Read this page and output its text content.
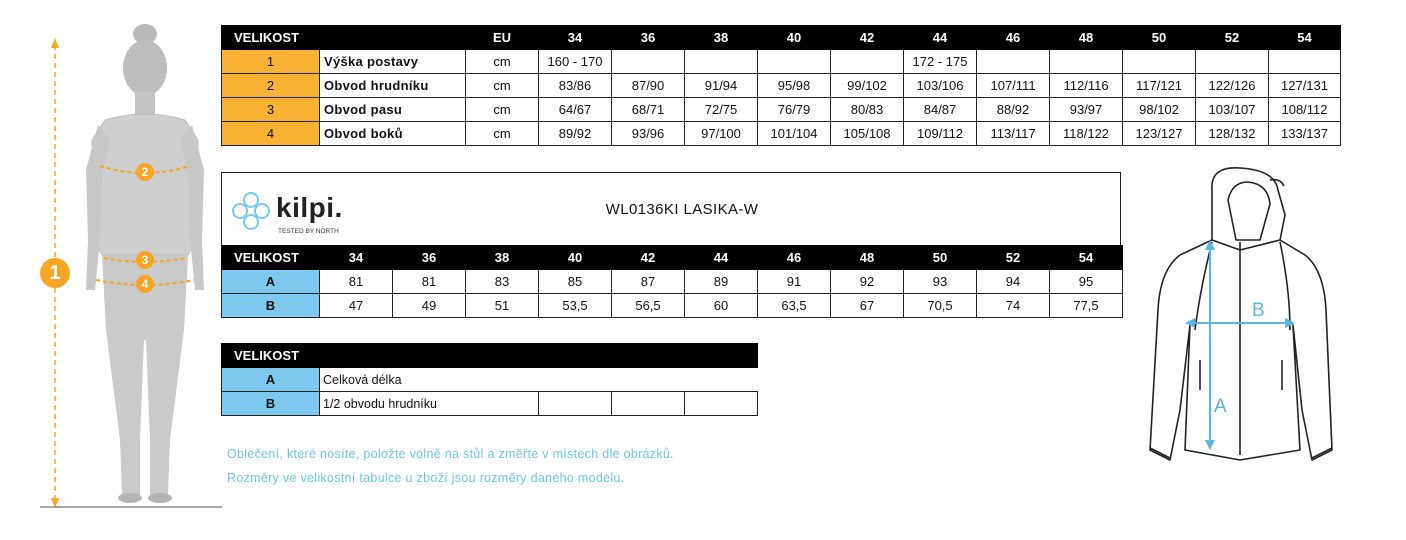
1
2
3
4
VELIKOST		EU	34	36	38	40	42	44	46	48	50	52	54
1	Výška postavy	cm	160 - 170					172 - 175					
2	Obvod hrudníku	cm	83/86	87/90	91/94	95/98	99/102	103/106	107/111	112/116	117/121	122/126	127/131
3	Obvod pasu	cm	64/67	68/71	72/75	76/79	80/83	84/87	88/92	93/97	98/102	103/107	108/112
4	Obvod boků	cm	89/92	93/96	97/100	101/104	105/108	109/112	113/117	118/122	123/127	128/132	133/137
kilpi.
TESTED BY NORTH
WL0136KI LASIKA-W
VELIKOST	34	36	38	40	42	44	46	48	50	52	54
A	81	81	83	85	87	89	91	92	93	94	95
B	47	49	51	53,5	56,5	60	63,5	67	70,5	74	77,5
VELIKOST				
A	Celková délka			
B	1/2 obvodu hrudníku			
Oblečení, které nosíte, položte volně na stůl a změřte v místech dle obrázků.
Rozměry ve velikostní tabulce u zboží jsou rozměry daného modelu.
A
B
